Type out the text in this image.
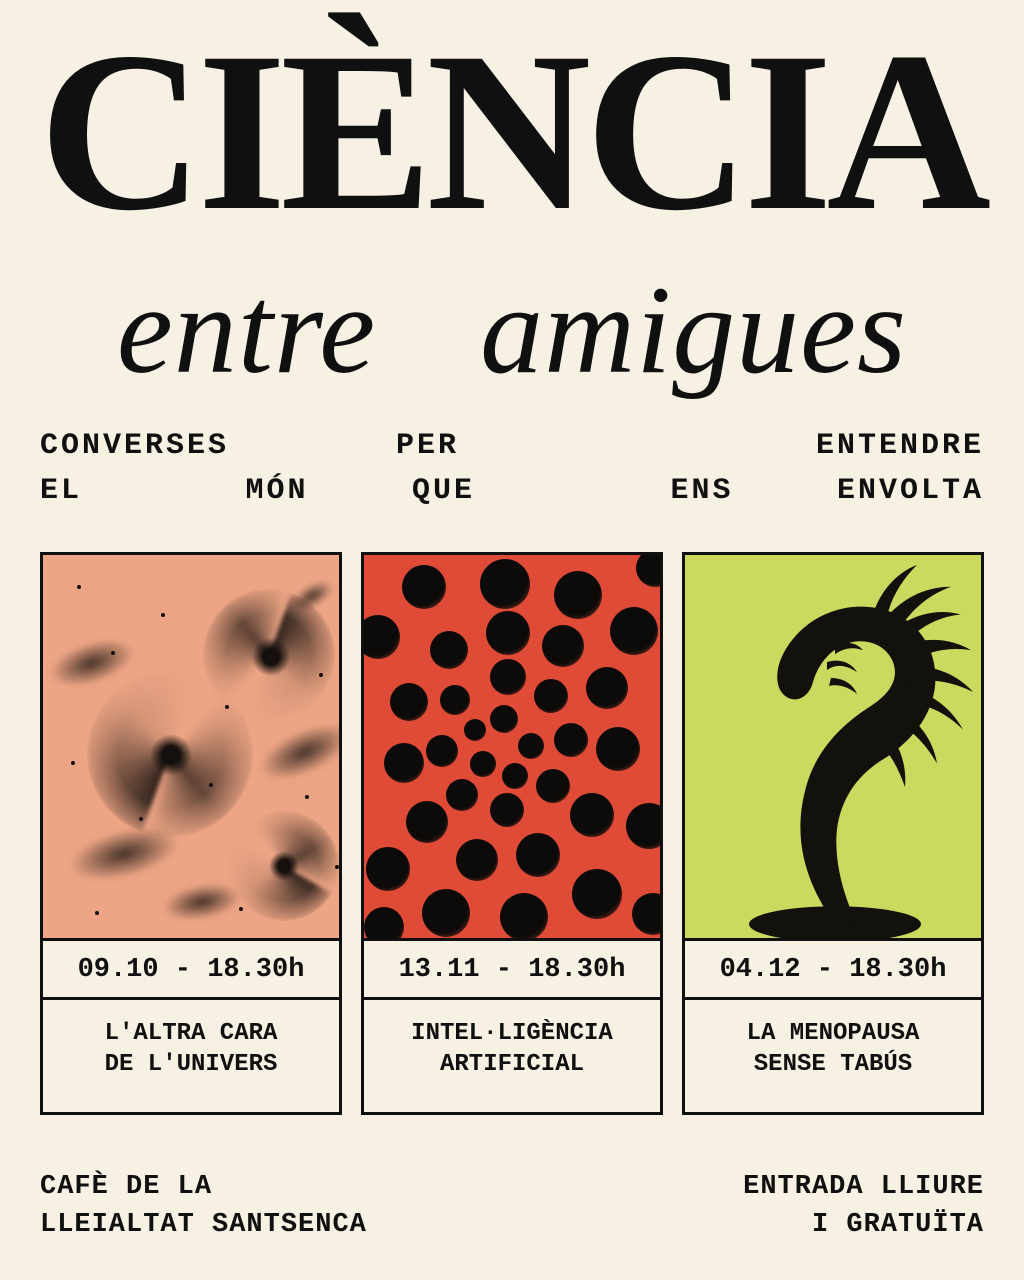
CIÈNCIA
entre amigues
CONVERSES	PER	ENTENDRE
EL	MÓN	QUE	ENS	ENVOLTA
09.10 - 18.30h
L'ALTRA CARA
DE L'UNIVERS
13.11 - 18.30h
INTEL·LIGÈNCIA
ARTIFICIAL
04.12 - 18.30h
LA MENOPAUSA
SENSE TABÚS
CAFÈ DE LA
LLEIALTAT SANTSENCA
ENTRADA LLIURE
I GRATUÏTA
